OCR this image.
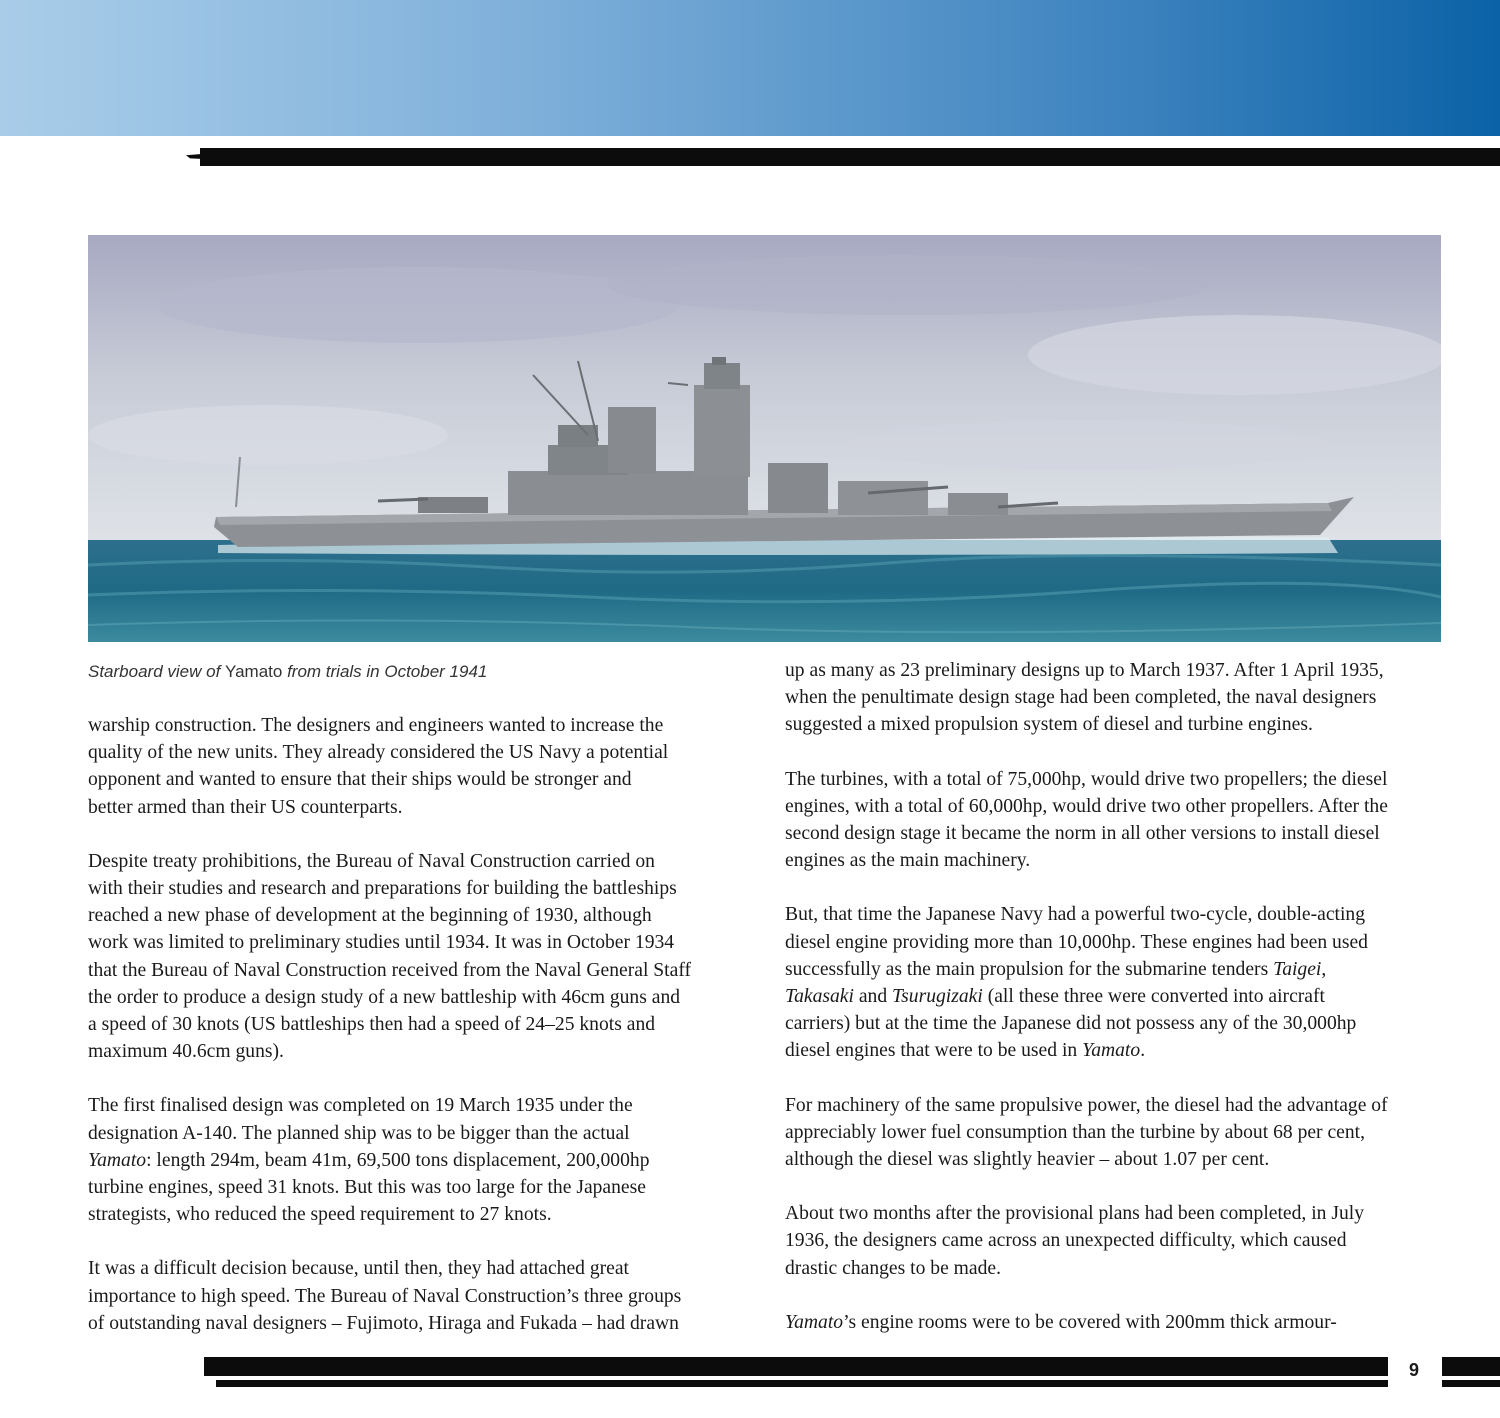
Starboard view of Yamato from trials in October 1941

warship construction. The designers and engineers wanted to increase the
quality of the new units. They already considered the US Navy a potential
opponent and wanted to ensure that their ships would be stronger and
better armed than their US counterparts.

Despite treaty prohibitions, the Bureau of Naval Construction carried on
with their studies and research and preparations for building the battleships
reached a new phase of development at the beginning of 1930, although
work was limited to preliminary studies until 1934. It was in October 1934
that the Bureau of Naval Construction received from the Naval General Staff
the order to produce a design study of a new battleship with 46cm guns and
a speed of 30 knots (US battleships then had a speed of 24–25 knots and
maximum 40.6cm guns).

The first finalised design was completed on 19 March 1935 under the
designation A-140. The planned ship was to be bigger than the actual
Yamato: length 294m, beam 41m, 69,500 tons displacement, 200,000hp
turbine engines, speed 31 knots. But this was too large for the Japanese
strategists, who reduced the speed requirement to 27 knots.

It was a difficult decision because, until then, they had attached great
importance to high speed. The Bureau of Naval Construction’s three groups
of outstanding naval designers – Fujimoto, Hiraga and Fukada – had drawn

up as many as 23 preliminary designs up to March 1937. After 1 April 1935,
when the penultimate design stage had been completed, the naval designers
suggested a mixed propulsion system of diesel and turbine engines.

The turbines, with a total of 75,000hp, would drive two propellers; the diesel
engines, with a total of 60,000hp, would drive two other propellers. After the
second design stage it became the norm in all other versions to install diesel
engines as the main machinery.

But, that time the Japanese Navy had a powerful two-cycle, double-acting
diesel engine providing more than 10,000hp. These engines had been used
successfully as the main propulsion for the submarine tenders Taigei,
Takasaki and Tsurugizaki (all these three were converted into aircraft
carriers) but at the time the Japanese did not possess any of the 30,000hp
diesel engines that were to be used in Yamato.

For machinery of the same propulsive power, the diesel had the advantage of
appreciably lower fuel consumption than the turbine by about 68 per cent,
although the diesel was slightly heavier – about 1.07 per cent.

About two months after the provisional plans had been completed, in July
1936, the designers came across an unexpected difficulty, which caused
drastic changes to be made.

Yamato’s engine rooms were to be covered with 200mm thick armour-

9
